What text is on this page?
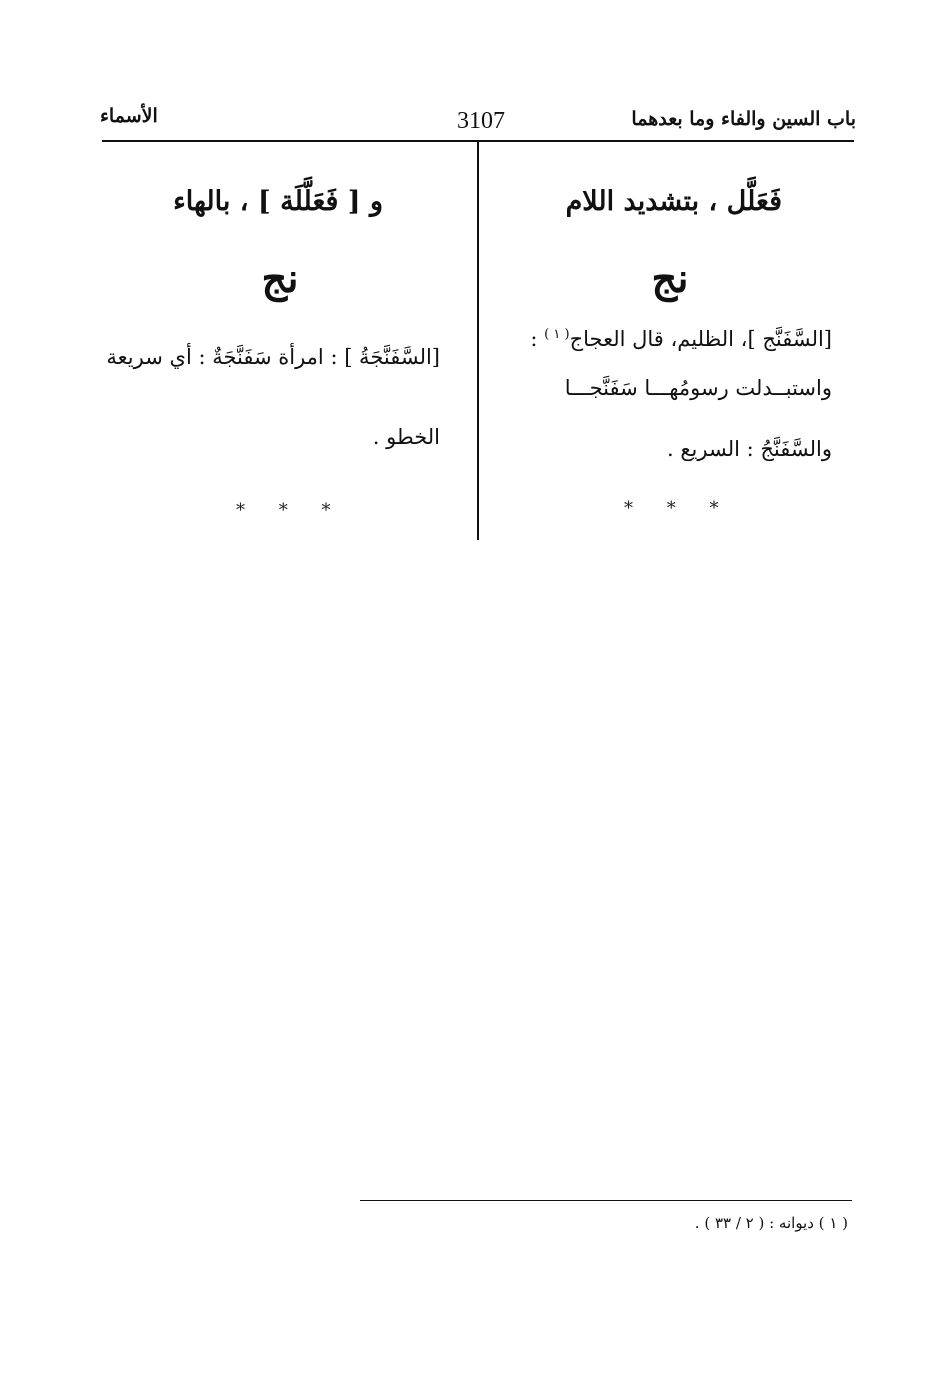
باب السين والفاء وما بعدهما
3107
الأسماء
فَعَلَّل ، بتشديد اللام
نج
[السَّفَنَّج ]، الظليم، قال العجاج$^{( ١ )}$ :
واستبــدلت رسومُهـــا سَفَنَّجـــا
والسَّفَنَّجُ : السريع .
* * *
و [ فَعَلَّلَة ] ، بالهاء
نج
[السَّفَنَّجَةُ ] : امرأة سَفَنَّجَةٌ : أي سريعة
الخطو .
* * *
( ١ ) ديوانه : ( ٢ / ٣٣ ) .
